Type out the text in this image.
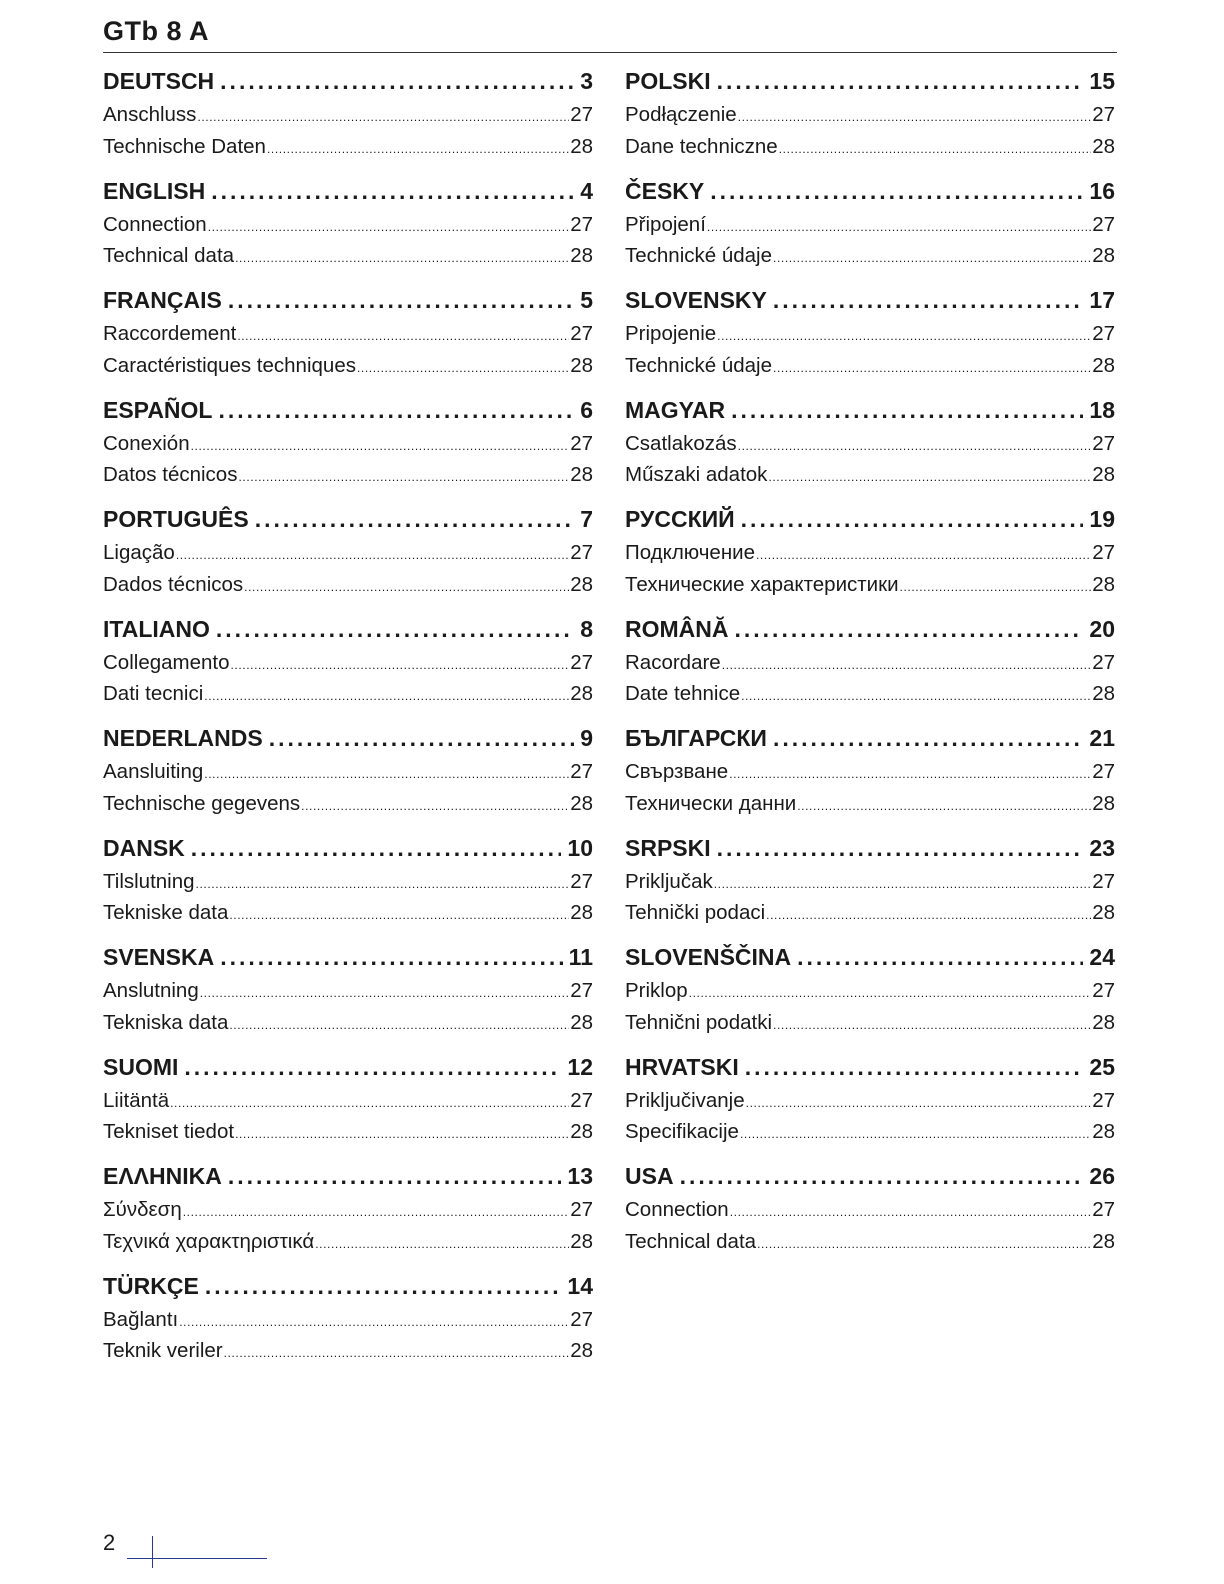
GTb 8 A
DEUTSCH .....	3
Anschluss .....	27
Technische Daten .....	28
ENGLISH .....	4
Connection .....	27
Technical data .....	28
FRANÇAIS .....	5
Raccordement .....	27
Caractéristiques techniques .....	28
ESPAÑOL .....	6
Conexión .....	27
Datos técnicos .....	28
PORTUGUÊS .....	7
Ligação .....	27
Dados técnicos .....	28
ITALIANO .....	8
Collegamento .....	27
Dati tecnici .....	28
NEDERLANDS .....	9
Aansluiting .....	27
Technische gegevens .....	28
DANSK .....	10
Tilslutning .....	27
Tekniske data .....	28
SVENSKA .....	11
Anslutning .....	27
Tekniska data .....	28
SUOMI .....	12
Liitäntä .....	27
Tekniset tiedot .....	28
ΕΛΛΗΝΙΚΑ .....	13
Σύνδεση .....	27
Τεχνικά χαρακτηριστικά .....	28
TÜRKÇE .....	14
Bağlantı .....	27
Teknik veriler .....	28
POLSKI .....	15
Podłączenie .....	27
Dane techniczne .....	28
ČESKY .....	16
Připojení .....	27
Technické údaje .....	28
SLOVENSKY .....	17
Pripojenie .....	27
Technické údaje .....	28
MAGYAR .....	18
Csatlakozás .....	27
Műszaki adatok .....	28
РУССКИЙ .....	19
Подключение .....	27
Технические характеристики .....	28
ROMÂNĂ .....	20
Racordare .....	27
Date tehnice .....	28
БЪЛГАРСКИ .....	21
Свързване .....	27
Технически данни .....	28
SRPSKI .....	23
Priključak .....	27
Tehnički podaci .....	28
SLOVENŠČINA .....	24
Priklop .....	27
Tehnični podatki .....	28
HRVATSKI .....	25
Priključivanje .....	27
Specifikacije .....	28
USA .....	26
Connection .....	27
Technical data .....	28
2
